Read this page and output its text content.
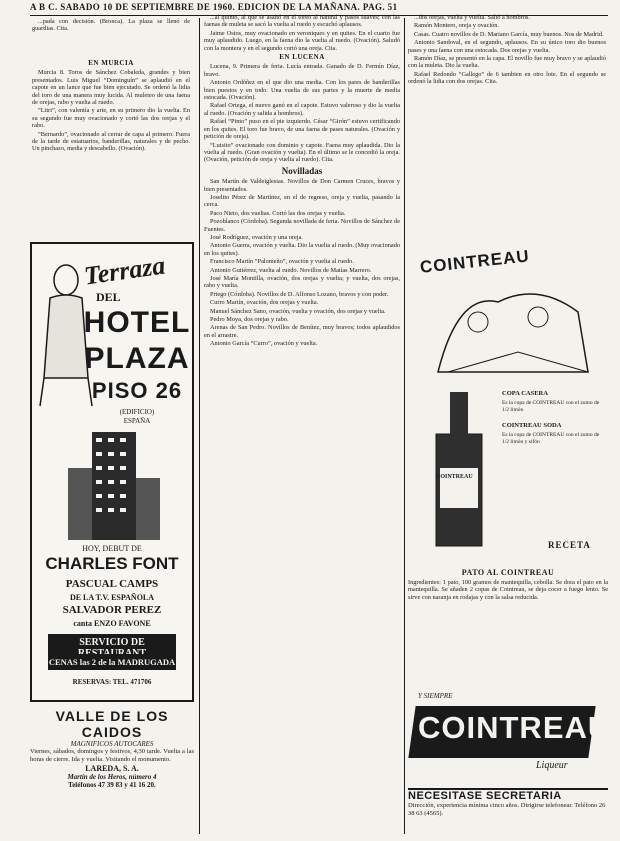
A B C. SABADO 10 DE SEPTIEMBRE DE 1960. EDICION DE LA MAÑANA. PAG. 51

...pada con decisión. (Bronca). La plaza se llenó de guardias. Cita.

EN MURCIA

Murcia 8. Toros de Sánchez Cobaleda, grandes y bien presentados. Luis Miguel “Dominguín” se aplaudió en el capote en un lance que fue bien ejecutado. Se ordenó la lidia del toro de una manera muy lucida. Al muleteo de una faena de orejas, rabo y vuelta al ruedo.

“Litri”, con valentía y arte, en su primero dio la vuelta. En su segundo fue muy ovacionado y cortó las dos orejas y el rabo.

“Bernardo”, ovacionado al cerrar de capa al primero. Fuera de la tarde de estatuarios, banderillas, naturales y de pecho. Un pinchazo, media y descabello. (Ovación).

Terraza
DEL
HOTEL
PLAZA
PISO 26
(EDIFICIO)
ESPAÑA
HOY, DEBUT DE
CHARLES FONT
PASCUAL CAMPS
DE LA T.V. ESPAÑOLA
SALVADOR PEREZ
canta ENZO FAVONE
SERVICIO DE
CENAS las 2 de la MADRUGADA
RESERVAS: TEL. 471706
VALLE DE LOS CAIDOS
MAGNIFICOS AUTOCARES
Viernes, sábados, domingos y festivos, 4,30 tarde. Vuelta a las horas de cierre. Ida y vuelta. Visitando el monumento.
LAREDA, S. A.
Martín de los Heros, número 4
Teléfonos 47 39 83 y 41 16 20.

...al quinto, al que se asaltó en el toreo al natural y pasos suaves; con las faenas de muleta se sacó la vuelta al ruedo y escuchó aplausos.

Jaime Ostos, muy ovacionado en veroniques y en quites. En el cuarto fue muy aplaudido. Luego, en la faena dio la vuelta al ruedo. (Ovación). Saludó con la montera y en el segundo cortó una oreja. Cita.

EN LUCENA

Lucena, 9. Primera de feria. Lucía entrada. Ganado de D. Fermín Díaz, bravo.

Antonio Ordóñez en el que dio una media. Con los pares de banderillas bien puestos y en todo. Una vuelta de sus partes y la muerte de media estocada. (Ovación).

Rafael Ortega, el nuevo ganó en el capote. Estuvo valeroso y dio la vuelta al ruedo. (Ovación y salida a hombros).

Rafael “Pinto” puso en el pie izquierdo. César “Girón” estuvo certificando en los quites. El toro fue bravo, de una faena de pases naturales. (Ovación y petición de oreja).

“Luisito” ovacionado con dominio y capote. Faena muy aplaudida. Dio la vuelta al ruedo. (Gran ovación y vuelta). En el último se le concedió la oreja. (Ovación, petición de oreja y vuelta al ruedo). Cita.

Novilladas

San Martín de Valdeiglesias. Novillos de Don Carmen Cruces, bravos y bien presentados.

Joselito Pérez de Martínez, en el de regreso, oreja y vuelta, pasando la cerca.

Paco Nieto, dos vueltas. Cortó las dos orejas y vuelta.

Pozoblanco (Córdoba). Segunda novillada de feria. Novillos de Sánchez de Fuentes.

José Rodríguez, ovación y una oreja.

Antonio Guerra, ovación y vuelta. Dio la vuelta al ruedo. (Muy ovacionado en los quites).

Francisco Martín “Palomeño”, ovación y vuelta al ruedo.

Antonio Gutiérrez, vuelta al ruedo. Novillos de Matías Marrero.

José María Montilla, ovación, dos orejas y vuelta; y vuelta, dos orejas, rabo y vuelta.

Priego (Córdoba). Novillos de D. Alfonso Lozano, bravos y con poder.

Curro Martín, ovación, dos orejas y vuelta.

Manuel Sánchez Sano, ovación, vuelta y ovación, dos orejas y vuelta.

Pedro Moya, dos orejas y rabo.

Arenas de San Pedro. Novillos de Benítez, muy bravos; todos aplaudidos en el arrastre.

Antonio García “Curro”, ovación y vuelta.

...dos orejas, vuelta y vuelta. Salió a hombros.

Ramón Montero, oreja y ovación.

Casas. Cuatro novillos de D. Mariano García, muy buenos. Nos de Madrid.

Antonio Sandoval, en el segundo, aplausos. En su único toro dio buenos pases y una faena con una estocada. Dos orejas y vuelta.

Ramón Díaz, se presentó en la capa. El novillo fue muy bravo y se aplaudió con la muleta. Dio la vuelta.

Rafael Redondo “Gallego” de 6 tambien en otro lote. En el segundo se ordenó la lidia con dos orejas. Cita.

COINTREAU
COINTREAU
COPA CASERA
Es la copa de COINTREAU con el zumo de 1/2 limón
COINTREAU SODA
Es la copa de COINTREAU con el zumo de 1/2 limón y sifón
RECETA
PATO AL COINTREAU
Ingredientes: 1 pato, 100 gramos de mantequilla, cebolla. Se dora el pato en la mantequilla. Se añaden 2 copas de Cointreau, se deja cocer a fuego lento. Se sirve con naranja en rodajas y con la salsa reducida.
Y SIEMPRE
COINTREAU
Liqueur
NECESITASE SECRETARIA
Dirección, experiencia mínima cinco años. Dirigirse telefonear. Teléfono 26 38 63 (4565).
